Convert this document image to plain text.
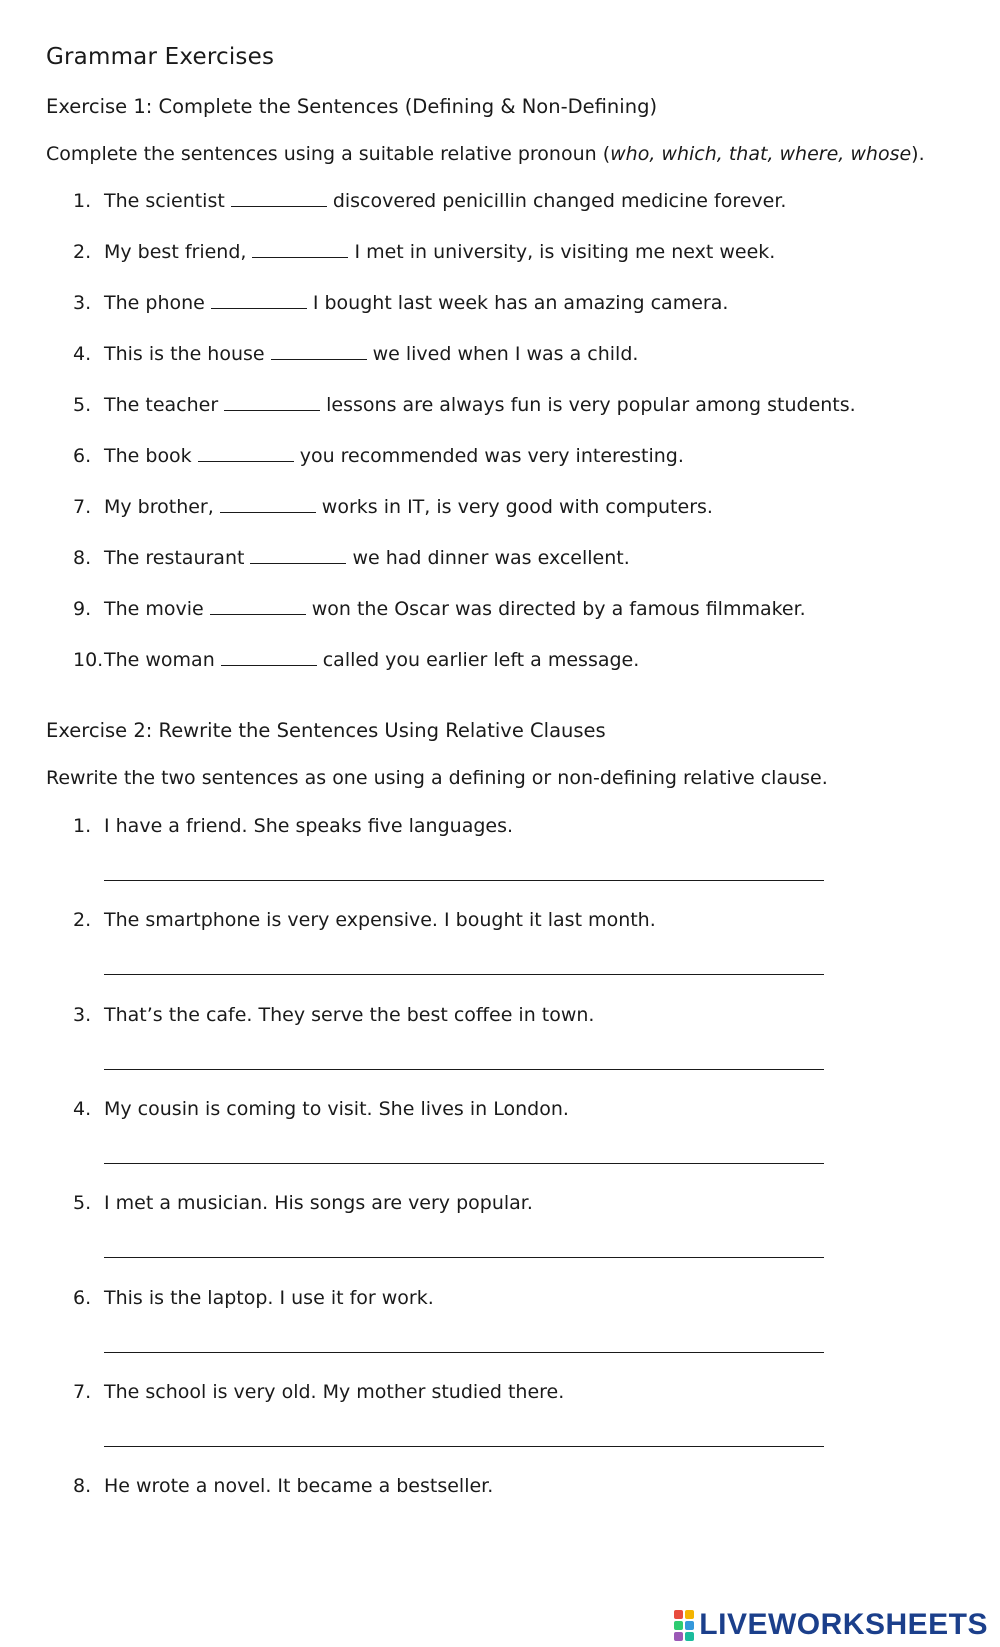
Grammar Exercises
Exercise 1: Complete the Sentences (Defining & Non-Defining)
Complete the sentences using a suitable relative pronoun (who, which, that, where, whose).
1. The scientist	discovered penicillin changed medicine forever.
2. My best friend,	I met in university, is visiting me next week.
3. The phone	I bought last week has an amazing camera.
4. This is the house	we lived when I was a child.
5. The teacher	lessons are always fun is very popular among students.
6. The book	you recommended was very interesting.
7. My brother,	works in IT, is very good with computers.
8. The restaurant	we had dinner was excellent.
9. The movie	won the Oscar was directed by a famous filmmaker.
10.The woman	called you earlier left a message.
Exercise 2: Rewrite the Sentences Using Relative Clauses
Rewrite the two sentences as one using a defining or non-defining relative clause.
1. I have a friend. She speaks five languages.
2. The smartphone is very expensive. I bought it last month.
3. That’s the cafe. They serve the best coffee in town.
4. My cousin is coming to visit. She lives in London.
5. I met a musician. His songs are very popular.
6. This is the laptop. I use it for work.
7. The school is very old. My mother studied there.
8. He wrote a novel. It became a bestseller.
LIVEWORKSHEETS
